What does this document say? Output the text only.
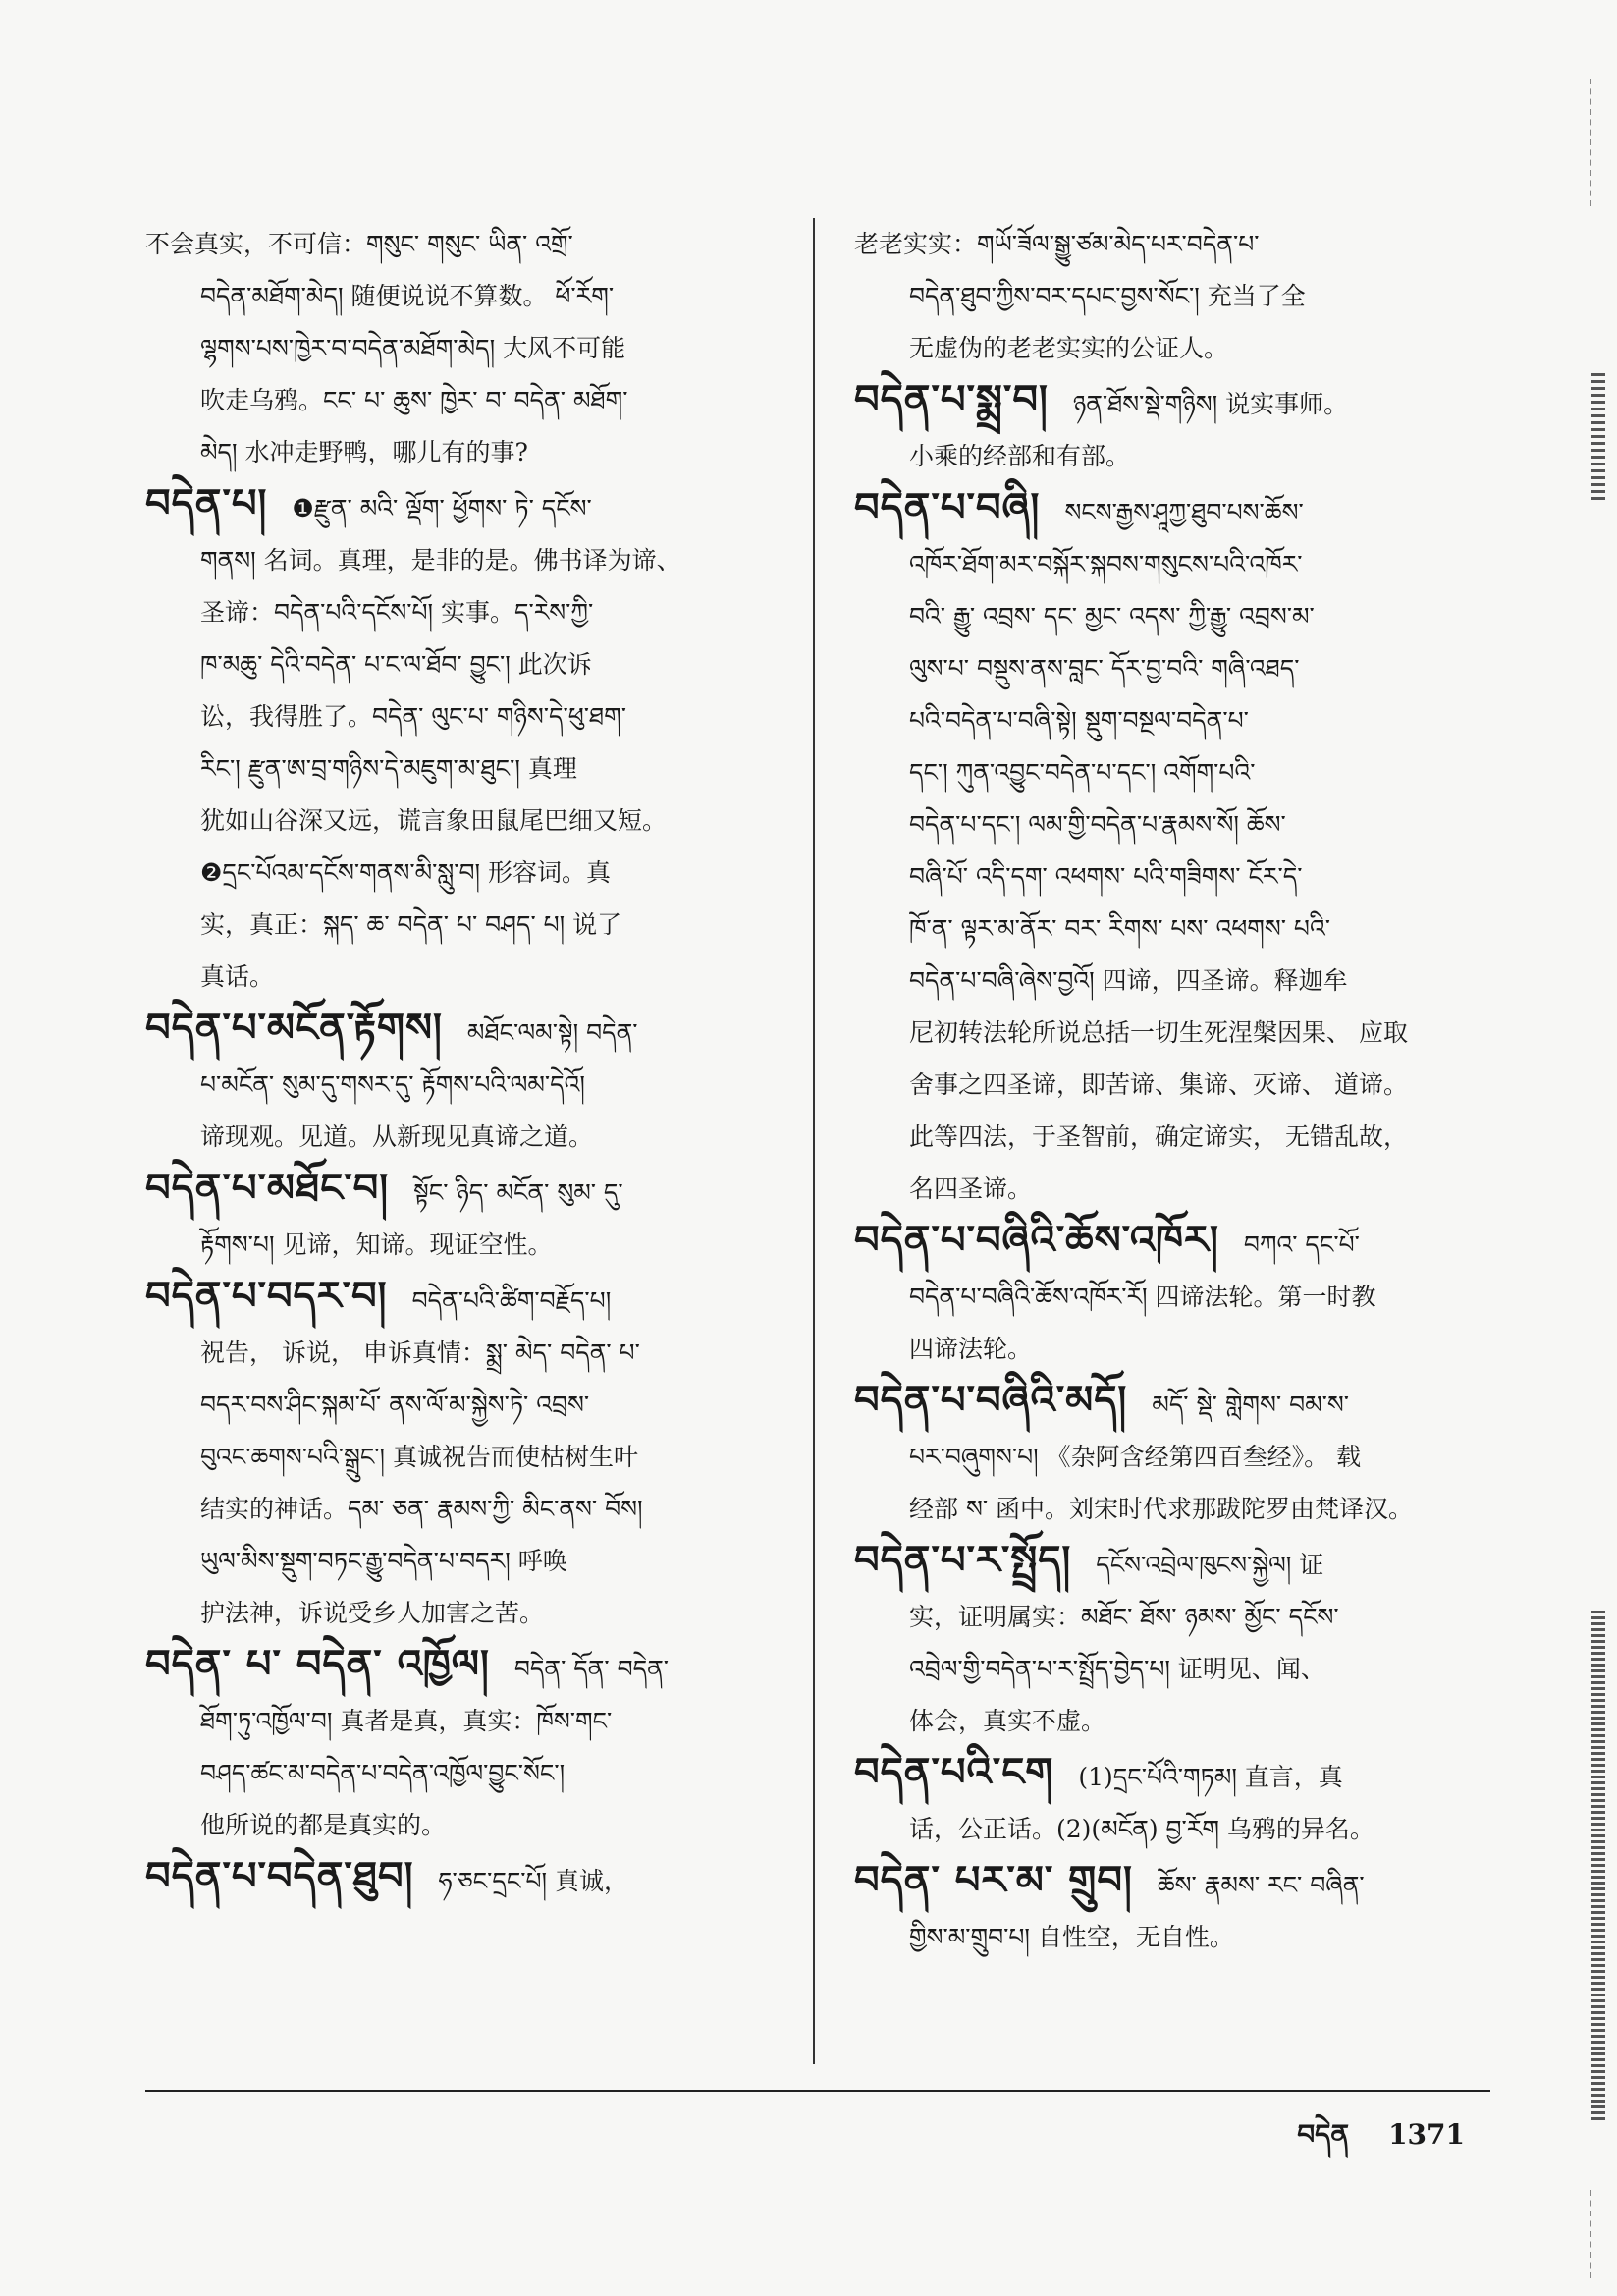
不会真实，不可信：གསུང་ གསུང་ ཡིན་ འགྲོ་

བདེན་མཐོག་མེད། 随便说说不算数。 ཕོ་རོག་

ལྷགས་པས་ཁྱེར་བ་བདེན་མཐོག་མེད། 大风不可能

吹走乌鸦。ངང་ པ་ ཆུས་ ཁྱེར་ བ་ བདེན་ མཐོག་

མེད། 水冲走野鸭，哪儿有的事?

བདེན་པ།  ❶རྫུན་ མའི་ ལྡོག་ ཕྱོགས་ ཏེ་ དངོས་

གནས། 名词。真理，是非的是。佛书译为谛、

圣谛：བདེན་པའི་དངོས་པོ། 实事。ད་རེས་ཀྱི་

ཁ་མཆུ་ དེའི་བདེན་ པ་ང་ལ་ཐོབ་ བྱུང་། 此次诉

讼，我得胜了。བདེན་ ལུང་པ་ གཉིས་དེ་ཕུ་ཐག་

རིང་། རྫུན་ཨ་བྲ་གཉིས་དེ་མཇུག་མ་ཐུང་། 真理

犹如山谷深又远，谎言象田鼠尾巴细又短。

❷དྲང་པོའམ་དངོས་གནས་མི་སླུ་བ། 形容词。真

实，真正：སྐད་ ཆ་ བདེན་ པ་ བཤད་ པ། 说了

真话。

བདེན་པ་མངོན་རྟོགས།  མཐོང་ལམ་སྟེ། བདེན་

པ་མངོན་ སུམ་དུ་གསར་དུ་ རྟོགས་པའི་ལམ་དེའོ།

谛现观。见道。从新现见真谛之道。

བདེན་པ་མཐོང་བ།  སྟོང་ ཉིད་ མངོན་ སུམ་ དུ་

རྟོགས་པ། 见谛，知谛。现证空性。

བདེན་པ་བདར་བ།  བདེན་པའི་ཚིག་བརྗོད་པ།

祝告， 诉说， 申诉真情：སྨྲ་ མེད་ བདེན་ པ་

བདར་བས་ཤིང་སྐམ་པོ་ ནས་ལོ་མ་སྐྱེས་ཏེ་ འབྲས་

བུའང་ཆགས་པའི་སྒྲུང་། 真诚祝告而使枯树生叶

结实的神话。དམ་ ཅན་ རྣམས་ཀྱི་ མིང་ནས་ བོས།

ཡུལ་མིས་སྡུག་བཏང་རྒྱུ་བདེན་པ་བདར། 呼唤

护法神，诉说受乡人加害之苦。

བདེན་ པ་ བདེན་ འཁྱོལ།  བདེན་ དོན་ བདེན་

ཐོག་ཏུ་འཁྱོལ་བ། 真者是真，真实：ཁོས་གང་

བཤད་ཚང་མ་བདེན་པ་བདེན་འཁྱོལ་བྱུང་སོང་།

他所说的都是真实的。

བདེན་པ་བདེན་ཐུབ།  ཧ་ཅང་དྲང་པོ། 真诚，

老老实实：གཡོ་ཟོལ་སྒྱུ་ཙམ་མེད་པར་བདེན་པ་

བདེན་ཐུབ་ཀྱིས་བར་དཔང་བྱས་སོང་། 充当了全

无虚伪的老老实实的公证人。

བདེན་པ་སྨྲ་བ།  ཉན་ཐོས་སྡེ་གཉིས། 说实事师。

小乘的经部和有部。

བདེན་པ་བཞི།  སངས་རྒྱས་ཤཱཀྱ་ཐུབ་པས་ཆོས་

འཁོར་ཐོག་མར་བསྐོར་སྐབས་གསུངས་པའི་འཁོར་

བའི་ རྒྱུ་ འབྲས་ དང་ མྱང་ འདས་ ཀྱི་རྒྱུ་ འབྲས་མ་

ལུས་པ་ བསྡུས་ནས་བླང་ དོར་བྱ་བའི་ གཞི་འཐད་

པའི་བདེན་པ་བཞི་སྟེ། སྡུག་བསྔལ་བདེན་པ་

དང་། ཀུན་འབྱུང་བདེན་པ་དང་། འགོག་པའི་

བདེན་པ་དང་། ལམ་གྱི་བདེན་པ་རྣམས་སོ། ཆོས་

བཞི་པོ་ འདི་དག་ འཕགས་ པའི་གཟིགས་ ངོར་དེ་

ཁོ་ན་ ལྟར་མ་ནོར་ བར་ རིགས་ པས་ འཕགས་ པའི་

བདེན་པ་བཞི་ཞེས་བྱའོ། 四谛，四圣谛。释迦牟

尼初转法轮所说总括一切生死涅槃因果、 应取

舍事之四圣谛，即苦谛、集谛、灭谛、 道谛。

此等四法，于圣智前，确定谛实， 无错乱故，

名四圣谛。

བདེན་པ་བཞིའི་ཆོས་འཁོར།  བཀའ་ དང་པོ་

བདེན་པ་བཞིའི་ཆོས་འཁོར་རོ། 四谛法轮。第一时教

四谛法轮。

བདེན་པ་བཞིའི་མདོ།  མདོ་ སྡེ་ གླེགས་ བམ་ས་

པར་བཞུགས་པ། 《杂阿含经第四百叁经》。 载

经部 ས་ 函中。刘宋时代求那跋陀罗由梵译汉。

བདེན་པ་ར་སྤྲོད།  དངོས་འབྲེལ་ཁུངས་སྐྱེལ། 证

实，证明属实：མཐོང་ ཐོས་ ཉམས་ མྱོང་ དངོས་

འབྲེལ་གྱི་བདེན་པ་ར་སྤྲོད་བྱེད་པ། 证明见、闻、

体会，真实不虚。

བདེན་པའི་ངག  (1)དྲང་པོའི་གཏམ། 直言，真

话，公正话。(2)(མངོན) བྱ་རོག 乌鸦的异名。

བདེན་ པར་མ་ གྲུབ།  ཆོས་ རྣམས་ རང་ བཞིན་

གྱིས་མ་གྲུབ་པ། 自性空，无自性。

བདེན 1371
